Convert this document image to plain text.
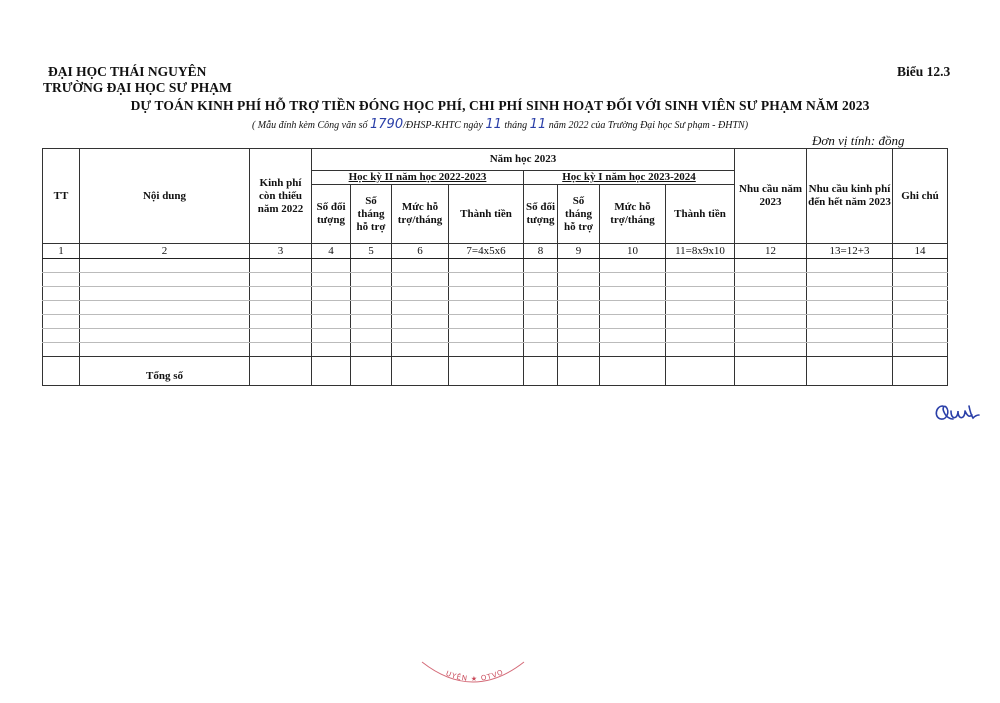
ĐẠI HỌC THÁI NGUYÊN
TRƯỜNG ĐẠI HỌC SƯ PHẠM
Biểu 12.3
DỰ TOÁN KINH PHÍ HỖ TRỢ TIỀN ĐÓNG HỌC PHÍ, CHI PHÍ SINH HOẠT ĐỐI VỚI SINH VIÊN SƯ PHẠM NĂM 2023
( Mẫu đính kèm Công văn số 1790/ĐHSP-KHTC ngày 11 tháng 11 năm 2022 của Trường Đại học Sư phạm - ĐHTN)
Đơn vị tính: đồng
TT	Nội dung	Kinh phí còn thiếu năm 2022	Năm học 2023								Nhu cầu năm 2023	Nhu cầu kinh phí đến hết năm 2023	Ghi chú
			Học kỳ II năm học 2022-2023				Học kỳ I năm học 2023-2024						
			Số đối tượng	Số tháng hỗ trợ	Mức hỗ trợ/tháng	Thành tiền	Số đối tượng	Số tháng hỗ trợ	Mức hỗ trợ/tháng	Thành tiền			
1	2	3	4	5	6	7=4x5x6	8	9	10	11=8x9x10	12	13=12+3	14

	Tổng số												
UYÊN ★ OTVO
